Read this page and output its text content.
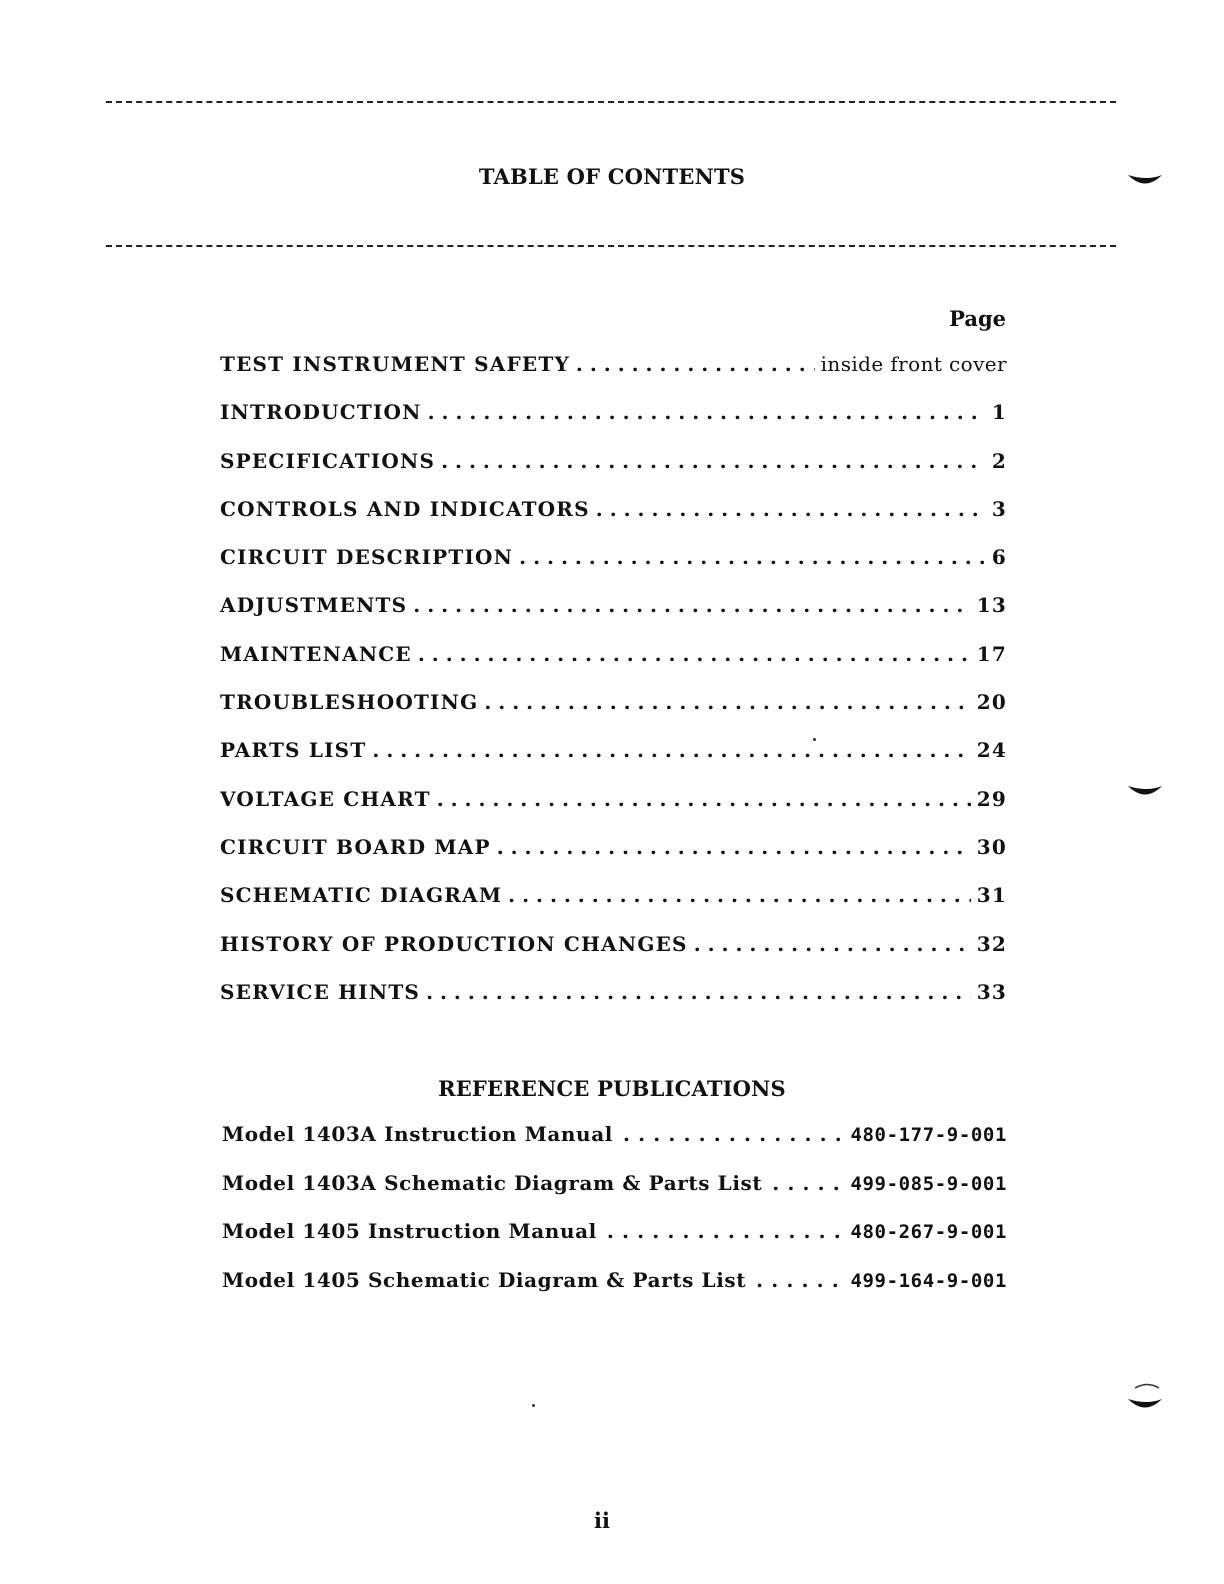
TABLE OF CONTENTS
Page
TEST INSTRUMENT SAFETY . . .	inside front cover
INTRODUCTION . . .	1
SPECIFICATIONS . . .	2
CONTROLS AND INDICATORS . . .	3
CIRCUIT DESCRIPTION . . .	6
ADJUSTMENTS . . .	13
MAINTENANCE . . .	17
TROUBLESHOOTING . . .	20
PARTS LIST . . .	24
VOLTAGE CHART . . .	29
CIRCUIT BOARD MAP . . .	30
SCHEMATIC DIAGRAM . . .	31
HISTORY OF PRODUCTION CHANGES . . .	32
SERVICE HINTS . . .	33
REFERENCE PUBLICATIONS
Model 1403A Instruction Manual . . .	480-177-9-001
Model 1403A Schematic Diagram & Parts List . . .	499-085-9-001
Model 1405 Instruction Manual . . .	480-267-9-001
Model 1405 Schematic Diagram & Parts List . . .	499-164-9-001
ii
